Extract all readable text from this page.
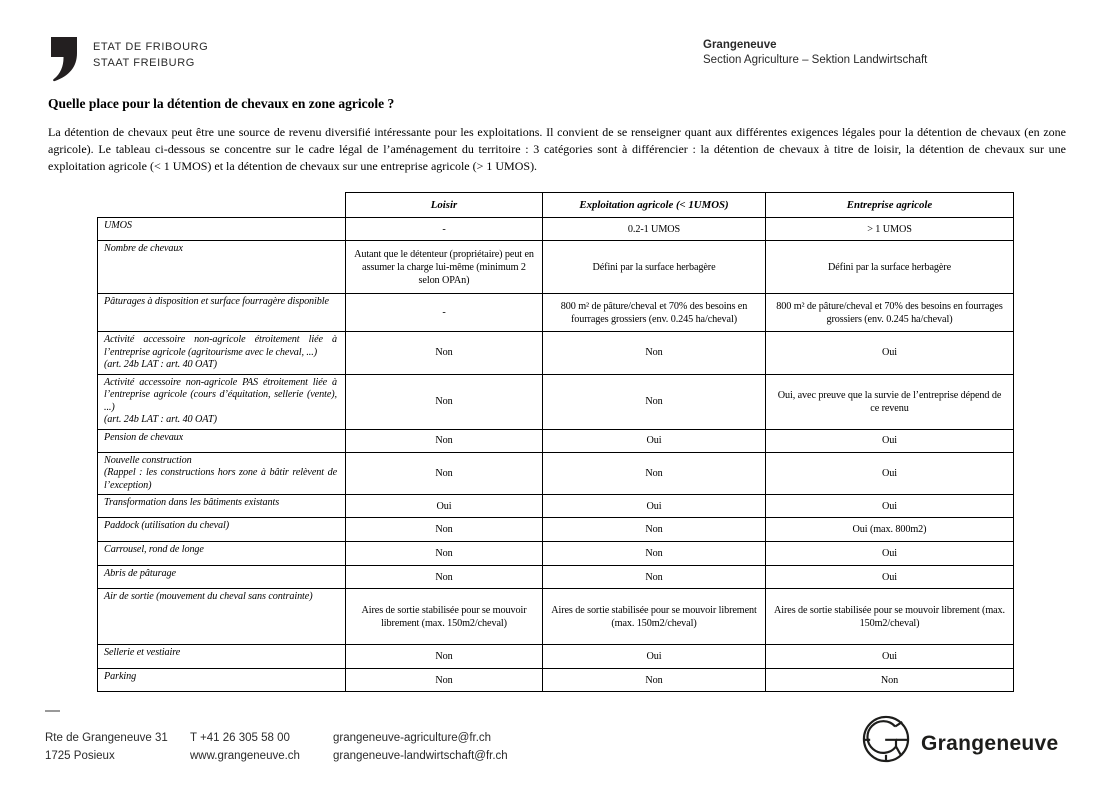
ETAT DE FRIBOURG
STAAT FREIBURG
Grangeneuve
Section Agriculture – Sektion Landwirtschaft
Quelle place pour la détention de chevaux en zone agricole ?
La détention de chevaux peut être une source de revenu diversifié intéressante pour les exploitations. Il convient de se renseigner quant aux différentes exigences légales pour la détention de chevaux (en zone agricole). Le tableau ci-dessous se concentre sur le cadre légal de l’aménagement du territoire : 3 catégories sont à différencier : la détention de chevaux à titre de loisir, la détention de chevaux sur une exploitation agricole (< 1 UMOS) et la détention de chevaux sur une entreprise agricole (> 1 UMOS).
	Loisir	Exploitation agricole (< 1UMOS)	Entreprise agricole
UMOS	-	0.2-1 UMOS	> 1 UMOS
Nombre de chevaux	Autant que le détenteur (propriétaire) peut en assumer la charge lui-même (minimum 2 selon OPAn)	Défini par la surface herbagère	Défini par la surface herbagère
Pâturages à disposition et surface fourragère disponible	-	800 m² de pâture/cheval et 70% des besoins en fourrages grossiers (env. 0.245 ha/cheval)	800 m² de pâture/cheval et 70% des besoins en fourrages grossiers (env. 0.245 ha/cheval)

Activité accessoire non-agricole étroitement liée à l’entreprise agricole (agritourisme avec le cheval, ...)
(art. 24b LAT : art. 40 OAT)	Non	Non	Oui

Activité accessoire non-agricole PAS étroitement liée à l’entreprise agricole (cours d’équitation, sellerie (vente), ...)
(art. 24b LAT : art. 40 OAT)	Non	Non	Oui, avec preuve que la survie de l’entreprise dépend de ce revenu
Pension de chevaux	Non	Oui	Oui

Nouvelle construction
(Rappel : les constructions hors zone à bâtir relèvent de l’exception)	Non	Non	Oui
Transformation dans les bâtiments existants	Oui	Oui	Oui
Paddock (utilisation du cheval)	Non	Non	Oui (max. 800m2)
Carrousel, rond de longe	Non	Non	Oui
Abris de pâturage	Non	Non	Oui
Air de sortie (mouvement du cheval sans contrainte)	Aires de sortie stabilisée pour se mouvoir librement (max. 150m2/cheval)	Aires de sortie stabilisée pour se mouvoir librement (max. 150m2/cheval)	Aires de sortie stabilisée pour se mouvoir librement (max. 150m2/cheval)
Sellerie et vestiaire	Non	Oui	Oui
Parking	Non	Non	Non
—
Rte de Grangeneuve 31
1725 Posieux
T +41 26 305 58 00
www.grangeneuve.ch
grangeneuve-agriculture@fr.ch
grangeneuve-landwirtschaft@fr.ch
Grangeneuve
